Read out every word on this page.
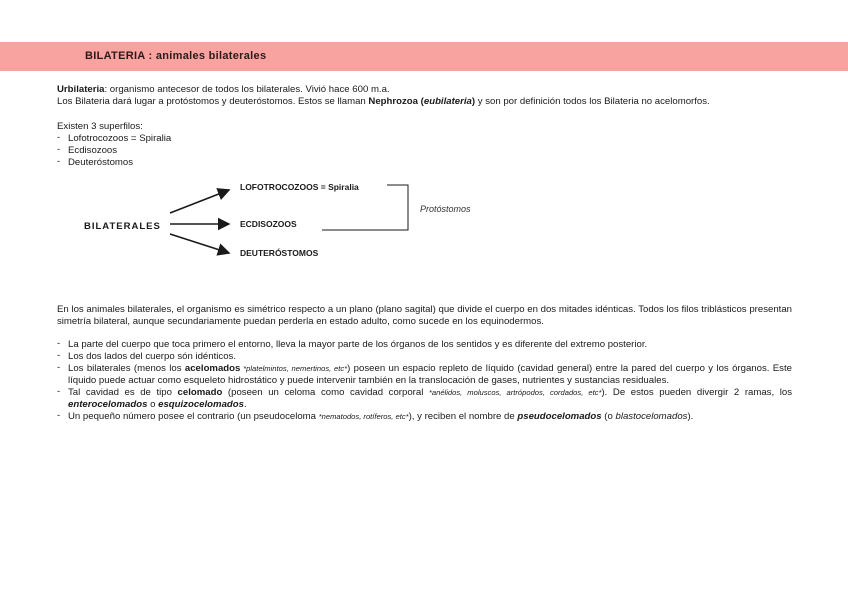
BILATERIA : animales bilaterales
Urbilateria: organismo antecesor de todos los bilaterales. Vivió hace 600 m.a.
Los Bilateria dará lugar a protóstomos y deuteróstomos. Estos se llaman Nephrozoa (eubilateria) y son por definición todos los Bilateria no acelomorfos.
Existen 3 superfilos:
- Lofotrocozoos = Spiralia
- Ecdisozoos
- Deuteróstomos
BILATERALES
LOFOTROCOZOOS = Spiralia
ECDISOZOOS
DEUTERÓSTOMOS
Protóstomos
En los animales bilaterales, el organismo es simétrico respecto a un plano (plano sagital) que divide el cuerpo en dos mitades idénticas. Todos los filos triblásticos presentan simetría bilateral, aunque secundariamente puedan perderla en estado adulto, como sucede en los equinodermos.
- La parte del cuerpo que toca primero el entorno, lleva la mayor parte de los órganos de los sentidos y es diferente del extremo posterior.
- Los dos lados del cuerpo són idénticos.
- Los bilaterales (menos los acelomados *platelmintos, nemertinos, etc*) poseen un espacio repleto de líquido (cavidad general) entre la pared del cuerpo y los órganos. Este líquido puede actuar como esqueleto hidrostático y puede intervenir también en la translocación de gases, nutrientes y sustancias residuales.
- Tal cavidad es de tipo celomado (poseen un celoma como cavidad corporal *anélidos, moluscos, artrópodos, cordados, etc*). De estos pueden divergir 2 ramas, los enterocelomados o esquizocelomados.
- Un pequeño número posee el contrario (un pseudoceloma *nematodos, rotíferos, etc*), y reciben el nombre de pseudocelomados (o blastocelomados).
